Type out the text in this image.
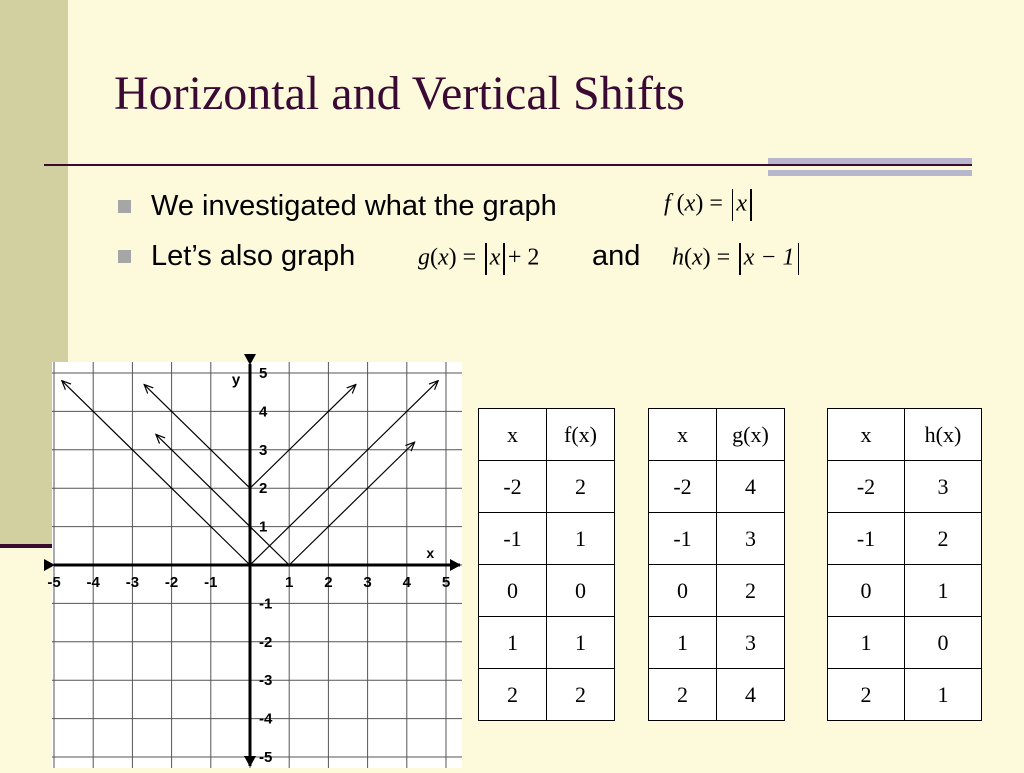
Horizontal and Vertical Shifts
We investigated what the graph	f (x) = x
Let’s also graph	g(x) = x + 2 and h(x) = x − 1
-5 -4 -3 -2 -1	1 2 3 4 5
5
4
3
2
1
-1
-2
-3
-4
-5
x
y
x	f(x)
-2	2
-1	1
0	0
1	1
2	2
x	g(x)
-2	4
-1	3
0	2
1	3
2	4
x	h(x)
-2	3
-1	2
0	1
1	0
2	1
